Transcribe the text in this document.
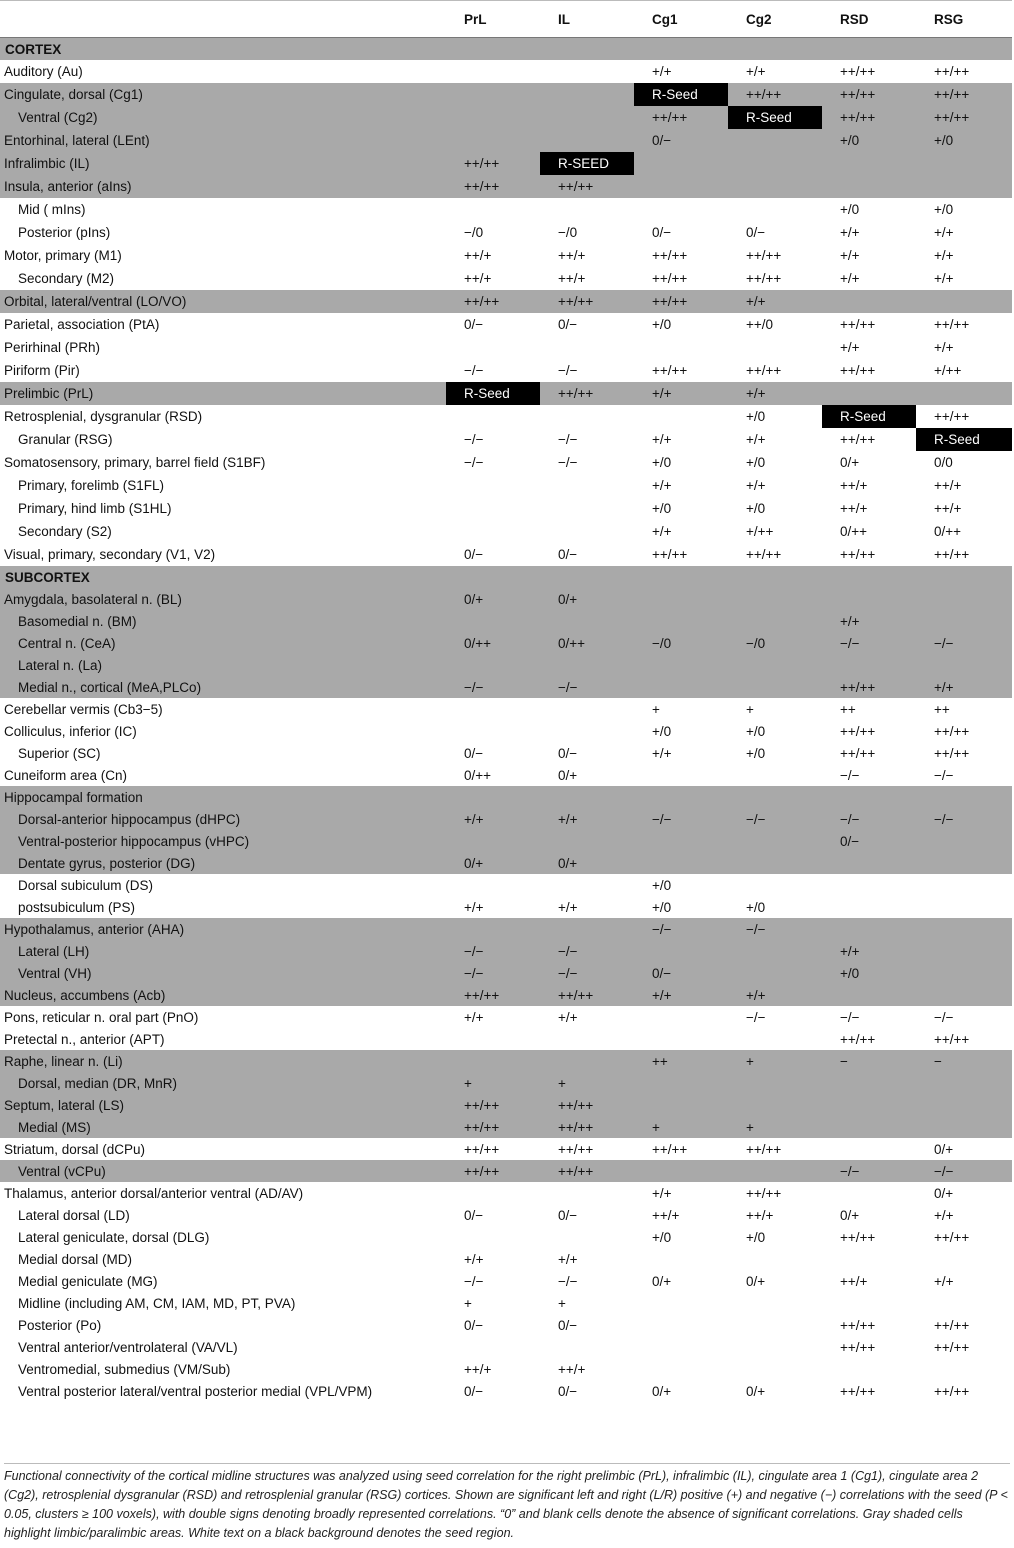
	PrL	IL	Cg1	Cg2	RSD	RSG

CORTEX						
Auditory (Au)			+/+	+/+	++/++	++/++
Cingulate, dorsal (Cg1)			R-Seed	++/++	++/++	++/++
Ventral (Cg2)			++/++	R-Seed	++/++	++/++
Entorhinal, lateral (LEnt)			0/−		+/0	+/0
Infralimbic (IL)	++/++	R-SEED				
Insula, anterior (aIns)	++/++	++/++				
Mid ( mIns)					+/0	+/0
Posterior (pIns)	−/0	−/0	0/−	0/−	+/+	+/+
Motor, primary (M1)	++/+	++/+	++/++	++/++	+/+	+/+
Secondary (M2)	++/+	++/+	++/++	++/++	+/+	+/+
Orbital, lateral/ventral (LO/VO)	++/++	++/++	++/++	+/+		
Parietal, association (PtA)	0/−	0/−	+/0	++/0	++/++	++/++
Perirhinal (PRh)					+/+	+/+
Piriform (Pir)	−/−	−/−	++/++	++/++	++/++	+/++
Prelimbic (PrL)	R-Seed	++/++	+/+	+/+		
Retrosplenial, dysgranular (RSD)				+/0	R-Seed	++/++
Granular (RSG)	−/−	−/−	+/+	+/+	++/++	R-Seed
Somatosensory, primary, barrel field (S1BF)	−/−	−/−	+/0	+/0	0/+	0/0
Primary, forelimb (S1FL)			+/+	+/+	++/+	++/+
Primary, hind limb (S1HL)			+/0	+/0	++/+	++/+
Secondary (S2)			+/+	+/++	0/++	0/++
Visual, primary, secondary (V1, V2)	0/−	0/−	++/++	++/++	++/++	++/++
SUBCORTEX						
Amygdala, basolateral n. (BL)	0/+	0/+				
Basomedial n. (BM)					+/+	
Central n. (CeA)	0/++	0/++	−/0	−/0	−/−	−/−
Lateral n. (La)						
Medial n., cortical (MeA,PLCo)	−/−	−/−			++/++	+/+
Cerebellar vermis (Cb3−5)			+	+	++	++
Colliculus, inferior (IC)			+/0	+/0	++/++	++/++
Superior (SC)	0/−	0/−	+/+	+/0	++/++	++/++
Cuneiform area (Cn)	0/++	0/+			−/−	−/−
Hippocampal formation						
Dorsal-anterior hippocampus (dHPC)	+/+	+/+	−/−	−/−	−/−	−/−
Ventral-posterior hippocampus (vHPC)					0/−	
Dentate gyrus, posterior (DG)	0/+	0/+				
Dorsal subiculum (DS)			+/0			
postsubiculum (PS)	+/+	+/+	+/0	+/0		
Hypothalamus, anterior (AHA)			−/−	−/−		
Lateral (LH)	−/−	−/−			+/+	
Ventral (VH)	−/−	−/−	0/−		+/0	
Nucleus, accumbens (Acb)	++/++	++/++	+/+	+/+		
Pons, reticular n. oral part (PnO)	+/+	+/+		−/−	−/−	−/−
Pretectal n., anterior (APT)					++/++	++/++
Raphe, linear n. (Li)			++	+	−	−
Dorsal, median (DR, MnR)	+	+				
Septum, lateral (LS)	++/++	++/++				
Medial (MS)	++/++	++/++	+	+		
Striatum, dorsal (dCPu)	++/++	++/++	++/++	++/++		0/+
Ventral (vCPu)	++/++	++/++			−/−	−/−
Thalamus, anterior dorsal/anterior ventral (AD/AV)			+/+	++/++		0/+
Lateral dorsal (LD)	0/−	0/−	++/+	++/+	0/+	+/+
Lateral geniculate, dorsal (DLG)			+/0	+/0	++/++	++/++
Medial dorsal (MD)	+/+	+/+				
Medial geniculate (MG)	−/−	−/−	0/+	0/+	++/+	+/+
Midline (including AM, CM, IAM, MD, PT, PVA)	+	+				
Posterior (Po)	0/−	0/−			++/++	++/++
Ventral anterior/ventrolateral (VA/VL)					++/++	++/++
Ventromedial, submedius (VM/Sub)	++/+	++/+				
Ventral posterior lateral/ventral posterior medial (VPL/VPM)	0/−	0/−	0/+	0/+	++/++	++/++

Functional connectivity of the cortical midline structures was analyzed using seed correlation for the right prelimbic (PrL), infralimbic (IL), cingulate area 1 (Cg1), cingulate area 2 (Cg2), retrosplenial dysgranular (RSD) and retrosplenial granular (RSG) cortices. Shown are significant left and right (L/R) positive (+) and negative (−) correlations with the seed (P < 0.05, clusters ≥ 100 voxels), with double signs denoting broadly represented correlations. “0” and blank cells denote the absence of significant correlations. Gray shaded cells highlight limbic/paralimbic areas. White text on a black background denotes the seed region.
